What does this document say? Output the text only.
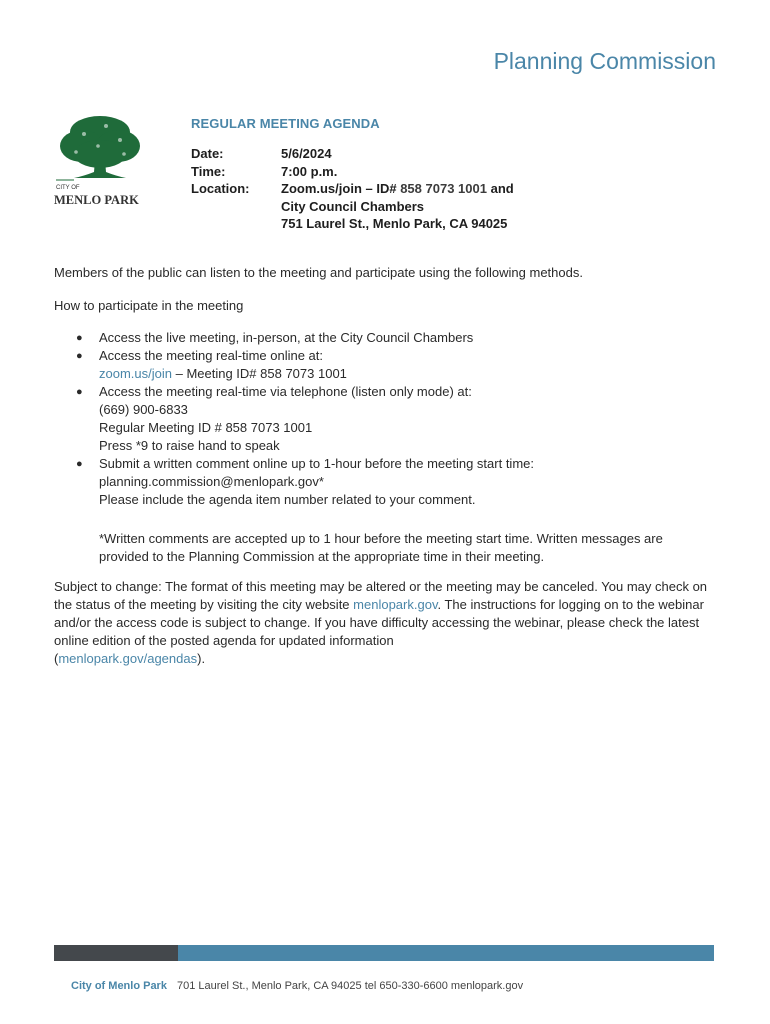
Planning Commission
CITY OF
MENLO PARK
REGULAR MEETING AGENDA
Date:	5/6/2024
Time:	7:00 p.m.
Location:	Zoom.us/join – ID# 858 7073 1001 and
City Council Chambers
751 Laurel St., Menlo Park, CA 94025
Members of the public can listen to the meeting and participate using the following methods.
How to participate in the meeting
●	Access the live meeting, in-person, at the City Council Chambers
●	Access the meeting real-time online at:
zoom.us/join – Meeting ID# 858 7073 1001
●	Access the meeting real-time via telephone (listen only mode) at:
(669) 900-6833
Regular Meeting ID # 858 7073 1001
Press *9 to raise hand to speak
●	Submit a written comment online up to 1-hour before the meeting start time:
planning.commission@menlopark.gov*
Please include the agenda item number related to your comment.
*Written comments are accepted up to 1 hour before the meeting start time. Written messages are provided to the Planning Commission at the appropriate time in their meeting.
Subject to change: The format of this meeting may be altered or the meeting may be canceled. You may check on the status of the meeting by visiting the city website menlopark.gov. The instructions for logging on to the webinar and/or the access code is subject to change. If you have difficulty accessing the webinar, please check the latest online edition of the posted agenda for updated information
(menlopark.gov/agendas).
City of Menlo Park 701 Laurel St., Menlo Park, CA 94025 tel 650-330-6600 menlopark.gov
